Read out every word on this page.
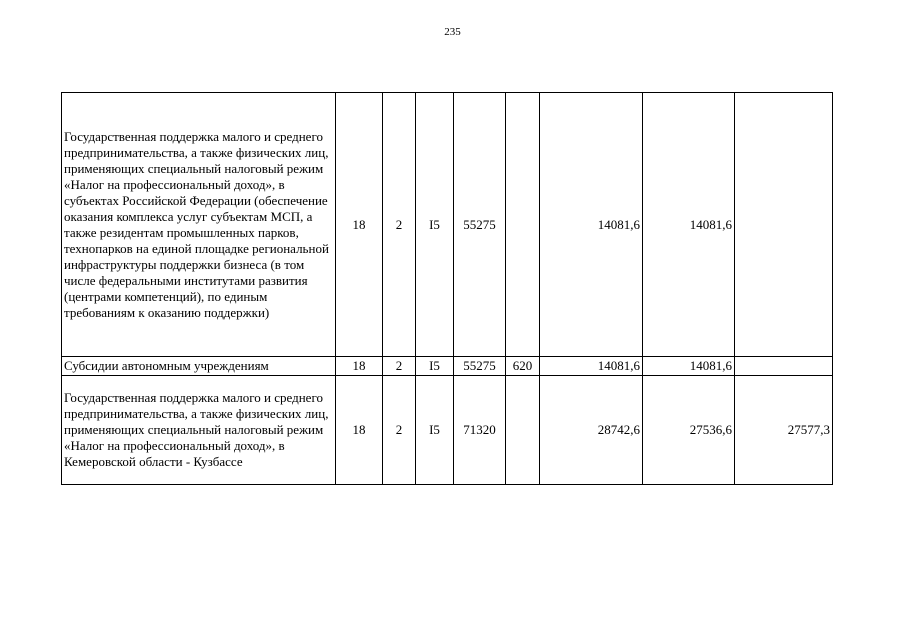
235
Государственная поддержка малого и среднего предпринимательства, а также физических лиц, применяющих специальный налоговый режим «Налог на профессиональный доход», в субъектах Российской Федерации (обеспечение оказания комплекса услуг субъектам МСП, а также резидентам промышленных парков, технопарков на единой площадке региональной инфраструктуры поддержки бизнеса (в том числе федеральными институтами развития (центрами компетенций), по единым требованиям к оказанию поддержки)	18	2	I5	55275		14081,6	14081,6	
Субсидии автономным учреждениям	18	2	I5	55275	620	14081,6	14081,6	
Государственная поддержка малого и среднего предпринимательства, а также физических лиц, применяющих специальный налоговый режим «Налог на профессиональный доход», в Кемеровской области - Кузбассе	18	2	I5	71320		28742,6	27536,6	27577,3
